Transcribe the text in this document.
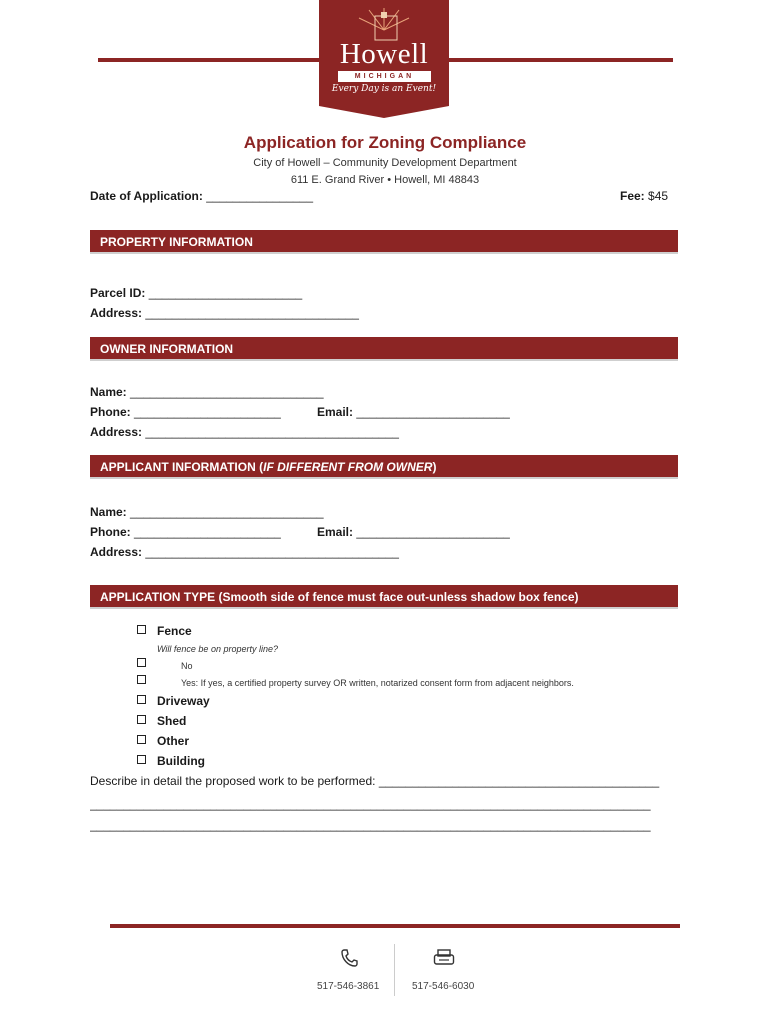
Howell
MICHIGAN
Every Day is an Event!
Application for Zoning Compliance
City of Howell – Community Development Department
611 E. Grand River • Howell, MI 48843
Date of Application: ________________	Fee: $45
PROPERTY INFORMATION
Parcel ID: _______________________
Address: ________________________________
OWNER INFORMATION
Name: _____________________________
Phone: ______________________	Email: _______________________
Address: ______________________________________
APPLICANT INFORMATION (IF DIFFERENT FROM OWNER)
Name: _____________________________
Phone: ______________________	Email: _______________________
Address: ______________________________________
APPLICATION TYPE (Smooth side of fence must face out-unless shadow box fence)
Fence
Will fence be on property line?
No
Yes: If yes, a certified property survey OR written, notarized consent form from adjacent neighbors.
Driveway
Shed
Other
Building
Describe in detail the proposed work to be performed: __________________________________________
____________________________________________________________________________________
____________________________________________________________________________________
517-546-3861	517-546-6030
